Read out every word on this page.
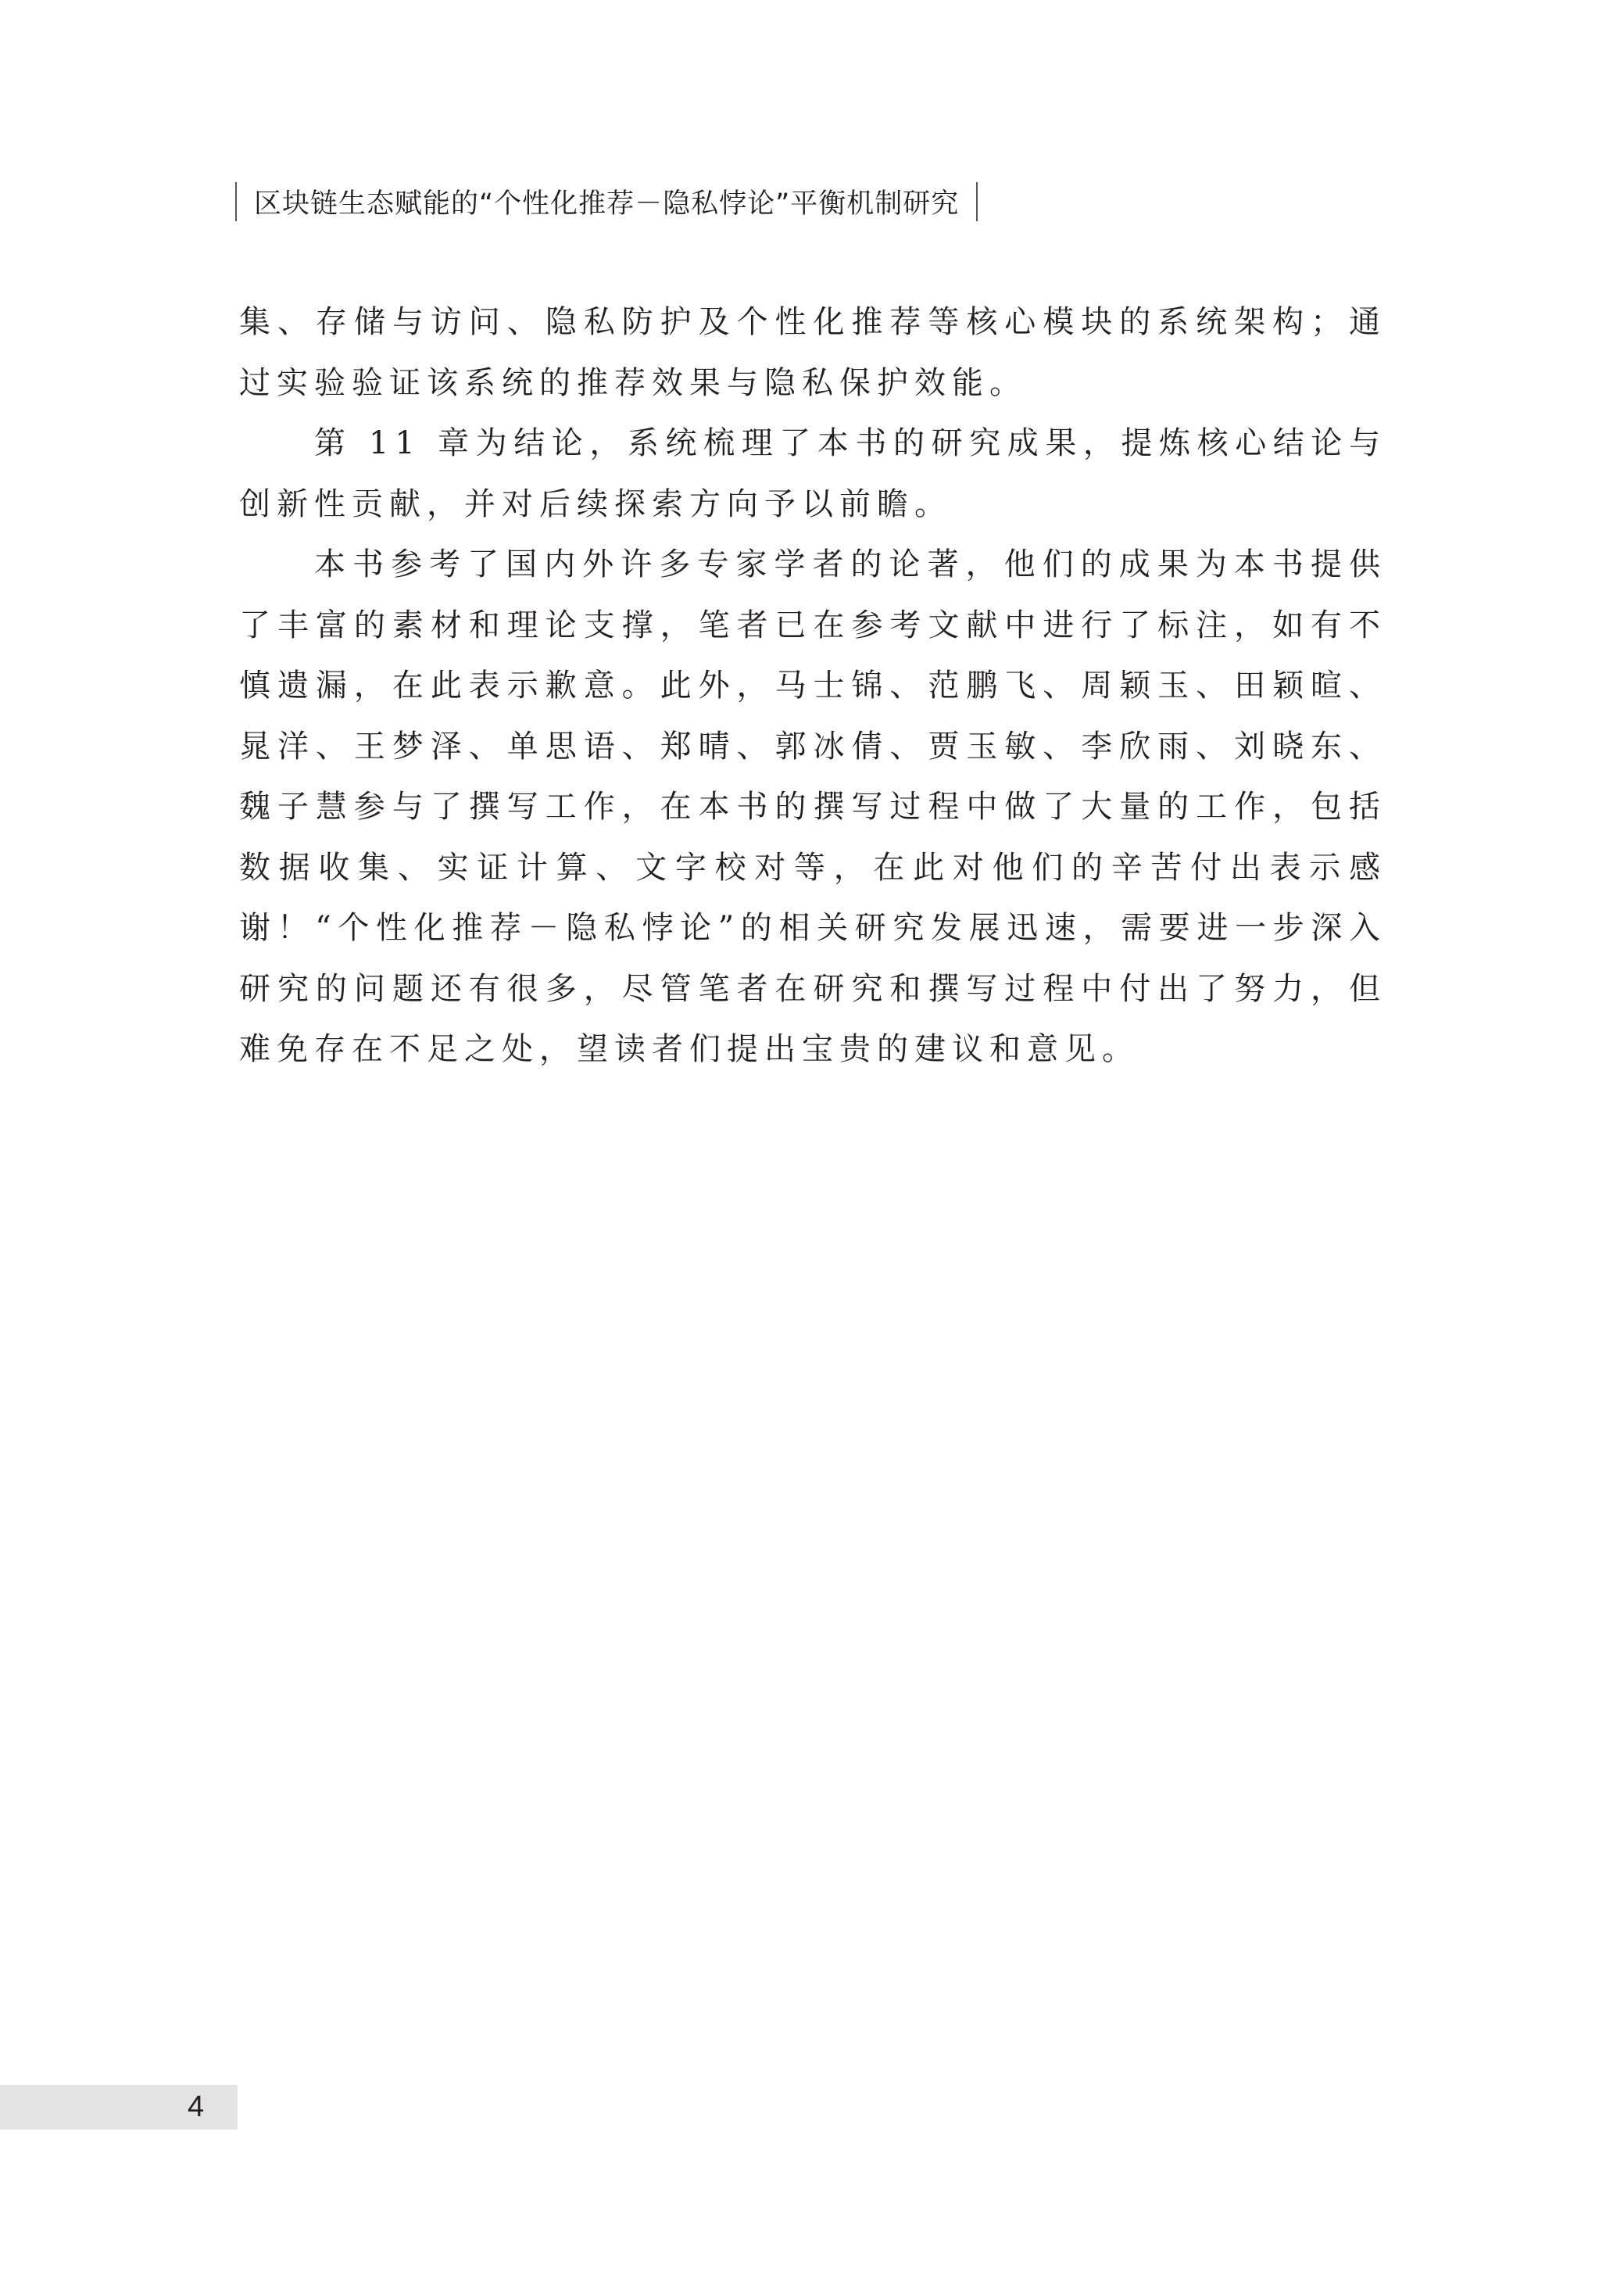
区块链生态赋能的“个性化推荐－隐私悖论”平衡机制研究

集、存储与访问、隐私防护及个性化推荐等核心模块的系统架构；通过实验验证该系统的推荐效果与隐私保护效能。

第 11 章为结论，系统梳理了本书的研究成果，提炼核心结论与创新性贡献，并对后续探索方向予以前瞻。

本书参考了国内外许多专家学者的论著，他们的成果为本书提供了丰富的素材和理论支撑，笔者已在参考文献中进行了标注，如有不慎遗漏，在此表示歉意。此外，马士锦、范鹏飞、周颖玉、田颖暄、晁洋、王梦泽、单思语、郑晴、郭冰倩、贾玉敏、李欣雨、刘晓东、魏子慧参与了撰写工作，在本书的撰写过程中做了大量的工作，包括数据收集、实证计算、文字校对等，在此对他们的辛苦付出表示感谢！“个性化推荐－隐私悖论”的相关研究发展迅速，需要进一步深入研究的问题还有很多，尽管笔者在研究和撰写过程中付出了努力，但难免存在不足之处，望读者们提出宝贵的建议和意见。

4
